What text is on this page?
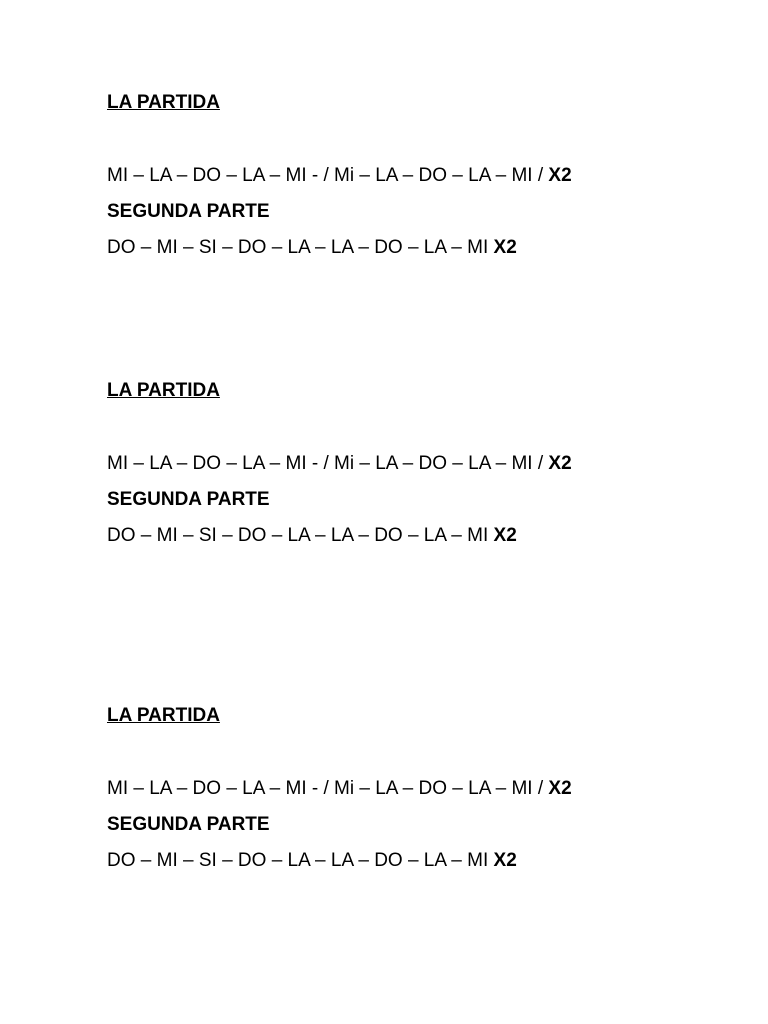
LA PARTIDA
MI – LA – DO – LA – MI - / Mi – LA – DO – LA – MI / X2
SEGUNDA PARTE
DO – MI – SI – DO – LA – LA – DO – LA – MI X2
LA PARTIDA
MI – LA – DO – LA – MI - / Mi – LA – DO – LA – MI / X2
SEGUNDA PARTE
DO – MI – SI – DO – LA – LA – DO – LA – MI X2
LA PARTIDA
MI – LA – DO – LA – MI - / Mi – LA – DO – LA – MI / X2
SEGUNDA PARTE
DO – MI – SI – DO – LA – LA – DO – LA – MI X2
